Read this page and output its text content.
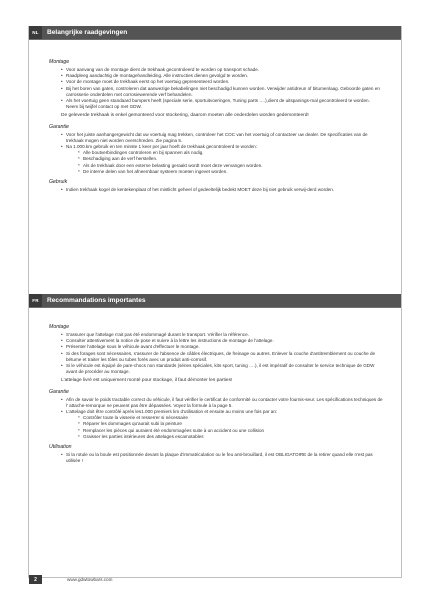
NL	Belangrijke raadgevingen

Montage

• Voor aanvang van de montage dient de trekhaak gecontroleerd te worden op transport schade.
• Raadpleeg aandachtig de montagehandleiding. Alle instructies dienen gevolgd te worden.
• Voor de montage moet de trekhaak eerst op het voertuig gepresenteerd worden.
• Bij het boren van gaten, controleren dat aanwezige bekabelingen niet beschadigd kunnen worden. Verwijder antidreun of bitumenlaag. Geboorde gaten en carrosserie onderdelen met corrosiewerende verf behandelen.
• Als het voertuig geen standaard bumpers heeft (speciale serie, sportuitvoeringen, Tuning parts ….),dient de uitspanings-mal gecontroleerd te worden. Neem bij twijfel contact op met GDW.

De geleverde trekhaak is enkel gemonteerd voor stockering, daarom moeten alle onderdelen worden gedemonteerd!

Garantie

• Voor het juiste aanhangergewicht dat uw voertuig mag trekken, controleer het COC van het voertuig of contacteer uw dealer. De specificaties van de trekhaak mogen niet worden overschreden. Zie pagina 5.
• Na 1.000.km gebruik en ten minste 1 keer per jaar hoeft de trekhaak gecontroleerd te worden:
* Alle boutverbindingen controleren en bij spannen als nodig.
* Beschadiging aan de verf herstellen.
* Als de trekhaak door een externe belasting geraakt wordt moet deze vervangen worden.
* De interne delen van het afneembaar systeem moeten ingevet worden.

Gebruik

• Indien trekhaak kogel de kentekenplaat of het mistlicht geheel of gedeeltelijk bedekt MOET deze bij niet gebruik verwij-derd worden.
FR	Recommandations importantes

Montage

• S'assurer que l'attelage n'ait pas été endommagé durant le transport. Vérifier la référence.
• Consulter attentivement la notice de pose et suivre à la lettre les instructions de montage de l'attelage.
• Présenter l'attelage sous le véhicule avant d'effectuer le montage.
• Si des forages sont nécessaires, s'assurer de l'absence de câbles électriques, de freinage ou autres. Enlever la couche d'antitremblement ou couche de bétume et traiter les tôles ou tubes forés avec un produit anti-corrosif.
• Si le véhicule est équipé de pare-chocs non standards (séries spéciales, kits sport, tuning ….), il est impératif de consulter le service technique de GDW avant de procéder au montage.

L'attelage livré est uniquement monté pour stockage, il faut démonter les parties!

Garantie

• Afin de savoir le poids tractable correct du véhicule, il faut vérifier le certificat de conformité ou contacter votre fournis-seur. Les spécifications techniques de l' attache-remorque ne peuvent pas être dépassées. Voyez la formule à la page 5.
• L'attelage doit être contrôlé après les1.000 premiers km d'utilisation et ensuite au moins une fois par an:
* Contrôler toute la visserie et resserrer si nécessaire
* Réparer les dommages qu'aurait subi la peinture
* Remplacer les pièces qui auraient été endommagées suite à un accident ou une collision
* Graisser les parties intérieures des attelages escamotables

Utilisation

• Si la rotule ou la boule est positionnée devant la plaque d'immatriculation ou le feu anti-brouillard, il est OBLIGATOIRE de la retirer quand elle n'est pas utilisée !
2	www.gdwtowbars.com
